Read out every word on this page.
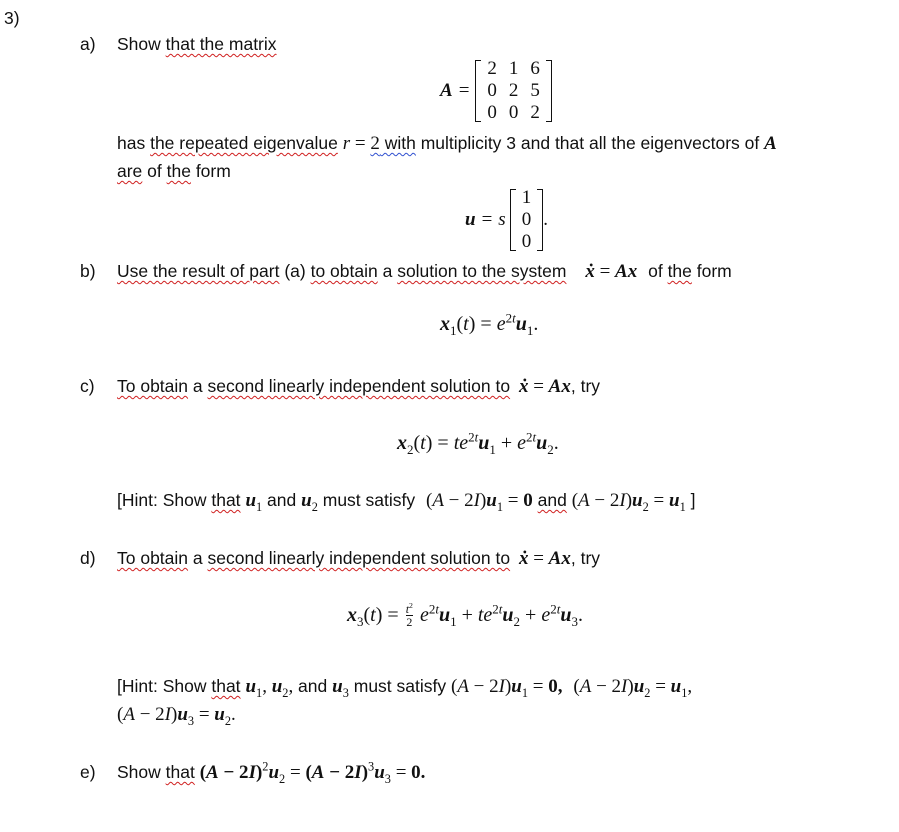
3)
a) Show that the matrix
A =
2	1	6
0	2	5
0	0	2
has the repeated eigenvalue r = 2 with multiplicity 3 and that all the eigenvectors of A
are of the form
u = s
1
0
0
.
b) Use the result of part (a) to obtain a solution to the system ẋ = Ax of the form
$x_1(t) = e^{2t}u_1$.
c) To obtain a second linearly independent solution to ẋ = Ax, try
$x_2(t) = te^{2t}u_1 + e^{2t}u_2$.
[Hint: Show that $u_1$ and $u_2$ must satisfy $(A - 2I)u_1 = 0$ and $(A - 2I)u_2 = u_1$ ]
d) To obtain a second linearly independent solution to ẋ = Ax, try
$x_3(t) = \frac{t^2}{2} e^{2t}u_1 + te^{2t}u_2 + e^{2t}u_3$.
[Hint: Show that $u_1$, $u_2$, and $u_3$ must satisfy $(A - 2I)u_1 = 0$, $(A - 2I)u_2 = u_1$,
$(A - 2I)u_3 = u_2$.
e) Show that $(A - 2I)^2u_2 = (A - 2I)^3u_3 = 0$.
